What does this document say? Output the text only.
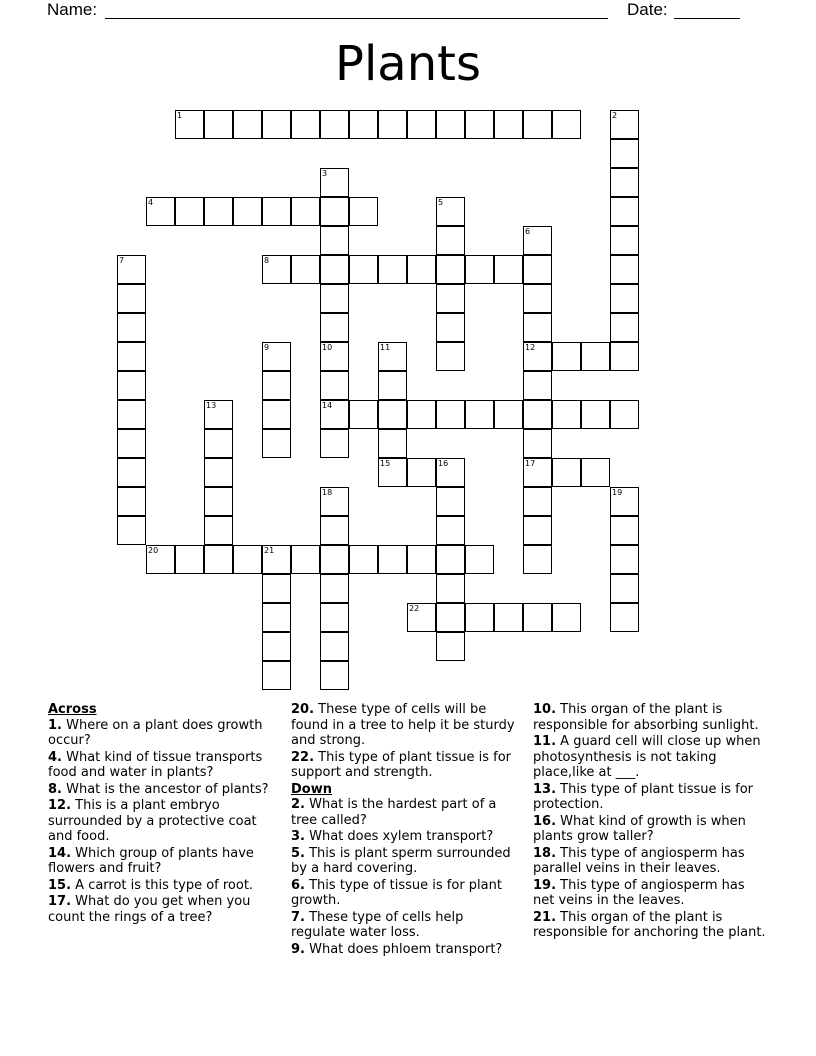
Name:	Date:
Plants
1	2
3
4	5
6
12
7	8
9	10
14
11
15
13
16	17
18	19
20	21
22
Across
1. Where on a plant does growth occur?
4. What kind of tissue transports food and water in plants?
8. What is the ancestor of plants?
12. This is a plant embryo surrounded by a protective coat and food.
14. Which group of plants have flowers and fruit?
15. A carrot is this type of root.
17. What do you get when you count the rings of a tree?
20. These type of cells will be found in a tree to help it be sturdy and strong.
22. This type of plant tissue is for support and strength.
Down
2. What is the hardest part of a tree called?
3. What does xylem transport?
5. This is plant sperm surrounded by a hard covering.
6. This type of tissue is for plant growth.
7. These type of cells help regulate water loss.
9. What does phloem transport?
10. This organ of the plant is responsible for absorbing sunlight.
11. A guard cell will close up when photosynthesis is not taking place,like at ___.
13. This type of plant tissue is for protection.
16. What kind of growth is when plants grow taller?
18. This type of angiosperm has parallel veins in their leaves.
19. This type of angiosperm has net veins in the leaves.
21. This organ of the plant is responsible for anchoring the plant.
